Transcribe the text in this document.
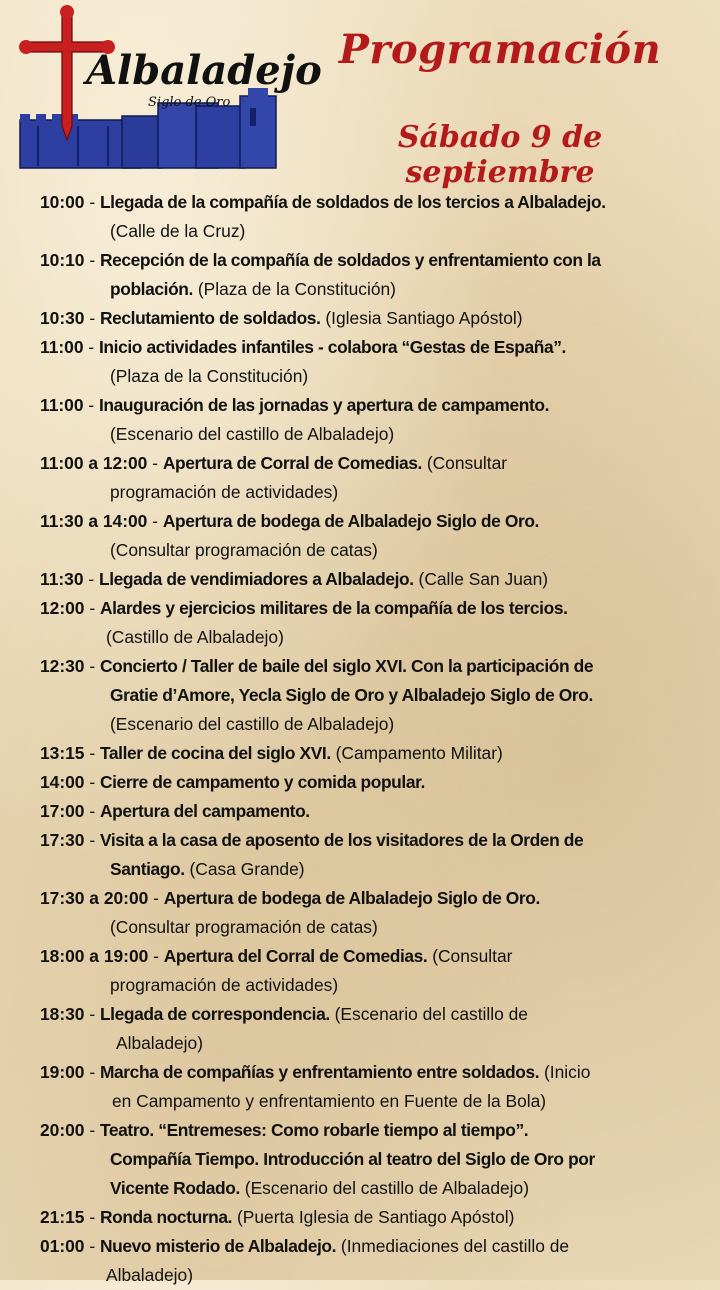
Albaladejo
Siglo de Oro
Programación
Sábado 9 de septiembre
10:00 - Llegada de la compañía de soldados de los tercios a Albaladejo.
(Calle de la Cruz)
10:10 - Recepción de la compañía de soldados y enfrentamiento con la
población. (Plaza de la Constitución)
10:30 - Reclutamiento de soldados. (Iglesia Santiago Apóstol)
11:00 - Inicio actividades infantiles - colabora “Gestas de España”.
(Plaza de la Constitución)
11:00 - Inauguración de las jornadas y apertura de campamento.
(Escenario del castillo de Albaladejo)
11:00 a 12:00 - Apertura de Corral de Comedias. (Consultar
programación de actividades)
11:30 a 14:00 - Apertura de bodega de Albaladejo Siglo de Oro.
(Consultar programación de catas)
11:30 - Llegada de vendimiadores a Albaladejo. (Calle San Juan)
12:00 - Alardes y ejercicios militares de la compañía de los tercios.
(Castillo de Albaladejo)
12:30 - Concierto / Taller de baile del siglo XVI. Con la participación de
Gratie d’Amore, Yecla Siglo de Oro y Albaladejo Siglo de Oro.
(Escenario del castillo de Albaladejo)
13:15 - Taller de cocina del siglo XVI. (Campamento Militar)
14:00 - Cierre de campamento y comida popular.
17:00 - Apertura del campamento.
17:30 - Visita a la casa de aposento de los visitadores de la Orden de
Santiago. (Casa Grande)
17:30 a 20:00 - Apertura de bodega de Albaladejo Siglo de Oro.
(Consultar programación de catas)
18:00 a 19:00 - Apertura del Corral de Comedias. (Consultar
programación de actividades)
18:30 - Llegada de correspondencia. (Escenario del castillo de
Albaladejo)
19:00 - Marcha de compañías y enfrentamiento entre soldados. (Inicio
en Campamento y enfrentamiento en Fuente de la Bola)
20:00 - Teatro. “Entremeses: Como robarle tiempo al tiempo”.
Compañía Tiempo. Introducción al teatro del Siglo de Oro por
Vicente Rodado. (Escenario del castillo de Albaladejo)
21:15 - Ronda nocturna. (Puerta Iglesia de Santiago Apóstol)
01:00 - Nuevo misterio de Albaladejo. (Inmediaciones del castillo de
Albaladejo)
